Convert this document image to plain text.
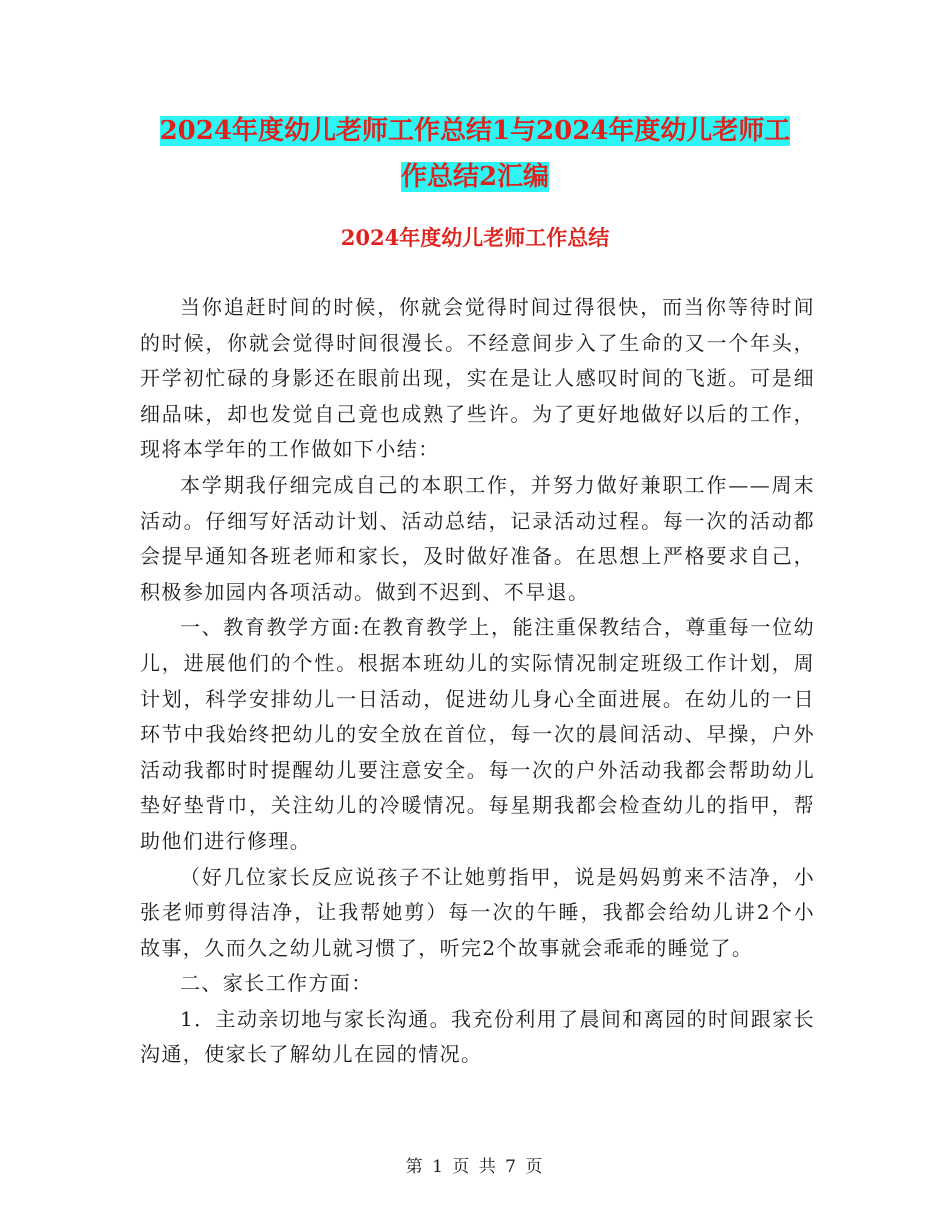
2024年度幼儿老师工作总结1与2024年度幼儿老师工
作总结2汇编
2024年度幼儿老师工作总结

当你追赶时间的时候，你就会觉得时间过得很快，而当你等待时间的时候，你就会觉得时间很漫长。不经意间步入了生命的又一个年头，开学初忙碌的身影还在眼前出现，实在是让人感叹时间的飞逝。可是细细品味，却也发觉自己竟也成熟了些许。为了更好地做好以后的工作，现将本学年的工作做如下小结：

本学期我仔细完成自己的本职工作，并努力做好兼职工作——周末活动。仔细写好活动计划、活动总结，记录活动过程。每一次的活动都会提早通知各班老师和家长，及时做好准备。在思想上严格要求自己，积极参加园内各项活动。做到不迟到、不早退。

一、教育教学方面:在教育教学上，能注重保教结合，尊重每一位幼儿，进展他们的个性。根据本班幼儿的实际情况制定班级工作计划，周计划，科学安排幼儿一日活动，促进幼儿身心全面进展。在幼儿的一日环节中我始终把幼儿的安全放在首位，每一次的晨间活动、早操，户外活动我都时时提醒幼儿要注意安全。每一次的户外活动我都会帮助幼儿垫好垫背巾，关注幼儿的冷暖情况。每星期我都会检查幼儿的指甲，帮助他们进行修理。

（好几位家长反应说孩子不让她剪指甲，说是妈妈剪来不洁净，小张老师剪得洁净，让我帮她剪）每一次的午睡，我都会给幼儿讲2个小故事，久而久之幼儿就习惯了，听完2个故事就会乖乖的睡觉了。

二、家长工作方面：

1．主动亲切地与家长沟通。我充份利用了晨间和离园的时间跟家长沟通，使家长了解幼儿在园的情况。

第 1 页 共 7 页
